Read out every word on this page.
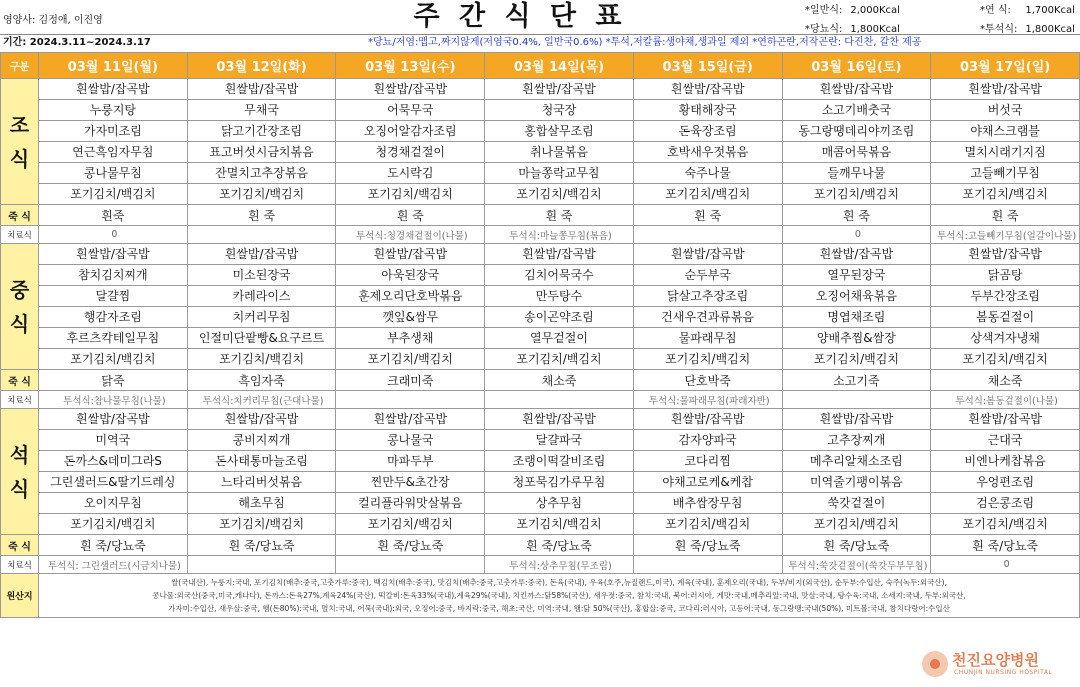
영양사: 김정애, 이진영	주 간 식 단 표	*일반식:	2,000Kcal
*당뇨식:	1,800Kcal
*연 식:	1,700Kcal
*투석식:	1,800Kcal
기간: 2024.3.11~2024.3.17	*당뇨/저염:맵고,짜지않게(저염국0.4%, 일반국0.6%) *투석,저칼륨:생야채,생과일 제외 *연하곤란,저작곤란: 다진찬, 갈찬 제공
구분	03월 11일(월)	03월 12일(화)	03월 13일(수)	03월 14일(목)	03월 15일(금)	03월 16일(토)	03월 17일(일)

조
식	흰쌀밥/잡곡밥	흰쌀밥/잡곡밥	흰쌀밥/잡곡밥	흰쌀밥/잡곡밥	흰쌀밥/잡곡밥	흰쌀밥/잡곡밥	흰쌀밥/잡곡밥
	누룽지탕	무채국	어묵무국	청국장	황태해장국	소고기배춧국	버섯국
	가자미조림	닭고기간장조림	오징어알감자조림	홍합살무조림	돈육장조림	동그랑땡데리야끼조림	야채스크램블
	연근흑임자무침	표고버섯시금치볶음	청경채겉절이	취나물볶음	호박새우젓볶음	매콤어묵볶음	멸치시래기지짐
	콩나물무침	잔멸치고추장볶음	도시락김	마늘쫑락교무침	숙주나물	들깨무나물	고들빼기무침
	포기김치/백김치	포기김치/백김치	포기김치/백김치	포기김치/백김치	포기김치/백김치	포기김치/백김치	포기김치/백김치
죽 식	흰죽	흰 죽	흰 죽	흰 죽	흰 죽	흰 죽	흰 죽
치료식	0		투석식:청경채겉절이(나물)	투석식:마늘쫑무침(볶음)		0	투석식:고들빼기무침(얼갈이나물)

중
식	흰쌀밥/잡곡밥	흰쌀밥/잡곡밥	흰쌀밥/잡곡밥	흰쌀밥/잡곡밥	흰쌀밥/잡곡밥	흰쌀밥/잡곡밥	흰쌀밥/잡곡밥
	참치김치찌개	미소된장국	아욱된장국	김치어묵국수	순두부국	열무된장국	닭곰탕
	달걀찜	카레라이스	훈제오리단호박볶음	만두탕수	닭살고추장조림	오징어채육볶음	두부간장조림
	행감자조림	치커리무침	깻잎&쌈무	송이곤약조림	건새우견과류볶음	명엽채조림	봄동겉절이
	후르츠칵테일무침	인절미단팥빵&요구르트	부추생채	열무겉절이	물파래무침	양배추찜&쌈장	상색겨자냉채
	포기김치/백김치	포기김치/백김치	포기김치/백김치	포기김치/백김치	포기김치/백김치	포기김치/백김치	포기김치/백김치
죽 식	닭죽	흑임자죽	크래미죽	채소죽	단호박죽	소고기죽	채소죽
치료식	투석식:참나물무침(나물)	투석식:치커리무침(근대나물)			투석식:물파래무침(파래자반)		투석식:봄동겉절이(나물)

석
식	흰쌀밥/잡곡밥	흰쌀밥/잡곡밥	흰쌀밥/잡곡밥	흰쌀밥/잡곡밥	흰쌀밥/잡곡밥	흰쌀밥/잡곡밥	흰쌀밥/잡곡밥
	미역국	콩비지찌개	콩나물국	달걀파국	감자양파국	고추장찌개	근대국
	돈까스&데미그라S	돈사태통마늘조림	마파두부	조랭이떡갈비조림	코다리찜	메추리알채소조림	비엔나케찹볶음
	그린샐러드&딸기드레싱	느타리버섯볶음	찐만두&초간장	청포묵김가루무침	야채고로케&케찹	미역줄기팽이볶음	우엉편조림
	오이지무침	해초무침	컬리플라워맛살볶음	상추무침	배추쌈장무침	쑥갓겉절이	검은콩조림
	포기김치/백김치	포기김치/백김치	포기김치/백김치	포기김치/백김치	포기김치/백김치	포기김치/백김치	포기김치/백김치
죽 식	흰 죽/당뇨죽	흰 죽/당뇨죽	흰 죽/당뇨죽	흰 죽/당뇨죽	흰 죽/당뇨죽	흰 죽/당뇨죽	흰 죽/당뇨죽
치료식	투석식: 그린샐러드(시금치나물)			투석식:상추무침(무조림)		투석식:쑥갓겉절이(쑥갓두부무침)	0
원산지	쌀(국내산), 누룽지:국내, 포기김치(배추:중국,고춧가루:중국), 백김치(배추:중국), 맛김치(배추:중국,고춧가루:중국), 돈육(국내), 우육(호주,뉴질랜드,미국), 계육(국내), 훈제오리(국내), 두부/비지(외국산), 순두부:수입산, 숙주(녹두:외국산),
콩나물:외국산(중국,미국,캐나다), 돈까스:돈육27%,계육24%(국산), 떡갈비:돈육33%(국내),계육29%(국내), 치킨까스:닭58%(국산), 새우젓:중국, 참치:국내, 북어:러시아, 게맛:국내,메추리알:국내, 맛살:국내, 탕수육:국내, 소세지:국내, 두부:외국산,
가자미:수입산, 새우살:중국, 햄(돈80%):국내, 멸치:국내, 어묵(국내):외국, 오징어:중국, 바지락:중국, 해초:국산, 미역:국내, 햄:닭 50%(국산), 홍합살:중국, 코다리:러시아, 고등어:국내, 동그랑땡:국내(50%), 미트볼:국내, 참치다랑어:수입산						
천진요양병원
CHUNJIN NURSING HOSPITAL
